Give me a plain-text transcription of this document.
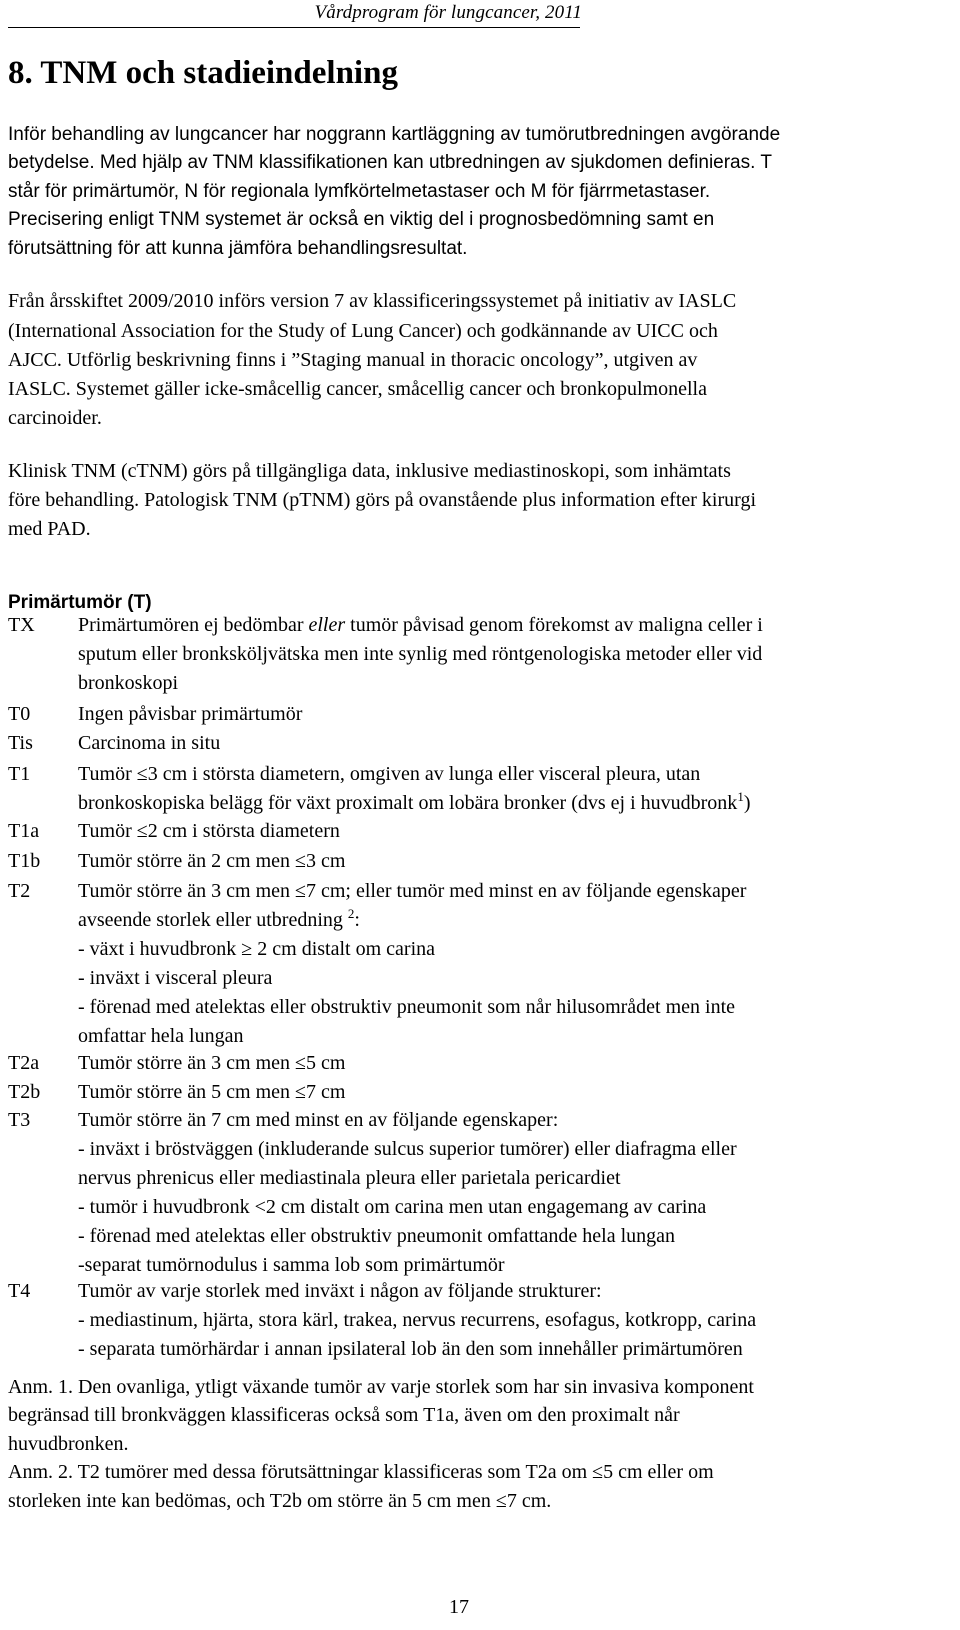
Vårdprogram för lungcancer, 2011
8. TNM och stadieindelning
Inför behandling av lungcancer har noggrann kartläggning av tumörutbredningen avgörande
betydelse. Med hjälp av TNM klassifikationen kan utbredningen av sjukdomen definieras. T
står för primärtumör, N för regionala lymfkörtelmetastaser och M för fjärrmetastaser.
Precisering enligt TNM systemet är också en viktig del i prognosbedömning samt en
förutsättning för att kunna jämföra behandlingsresultat.
Från årsskiftet 2009/2010 införs version 7 av klassificeringssystemet på initiativ av IASLC
(International Association for the Study of Lung Cancer) och godkännande av UICC och
AJCC. Utförlig beskrivning finns i ”Staging manual in thoracic oncology”, utgiven av
IASLC. Systemet gäller icke-småcellig cancer, småcellig cancer och bronkopulmonella
carcinoider.
Klinisk TNM (cTNM) görs på tillgängliga data, inklusive mediastinoskopi, som inhämtats
före behandling. Patologisk TNM (pTNM) görs på ovanstående plus information efter kirurgi
med PAD.
Primärtumör (T)
TX Primärtumören ej bedömbar eller tumör påvisad genom förekomst av maligna celler i
sputum eller bronksköljvätska men inte synlig med röntgenologiska metoder eller vid
bronkoskopi
T0 Ingen påvisbar primärtumör
Tis Carcinoma in situ
T1 Tumör ≤3 cm i största diametern, omgiven av lunga eller visceral pleura, utan
bronkoskopiska belägg för växt proximalt om lobära bronker (dvs ej i huvudbronk$^1$)
T1a Tumör ≤2 cm i största diametern
T1b Tumör större än 2 cm men ≤3 cm
T2 Tumör större än 3 cm men ≤7 cm; eller tumör med minst en av följande egenskaper
avseende storlek eller utbredning $^2$:
- växt i huvudbronk ≥ 2 cm distalt om carina
- inväxt i visceral pleura
- förenad med atelektas eller obstruktiv pneumonit som når hilusområdet men inte
omfattar hela lungan
T2a Tumör större än 3 cm men ≤5 cm
T2b Tumör större än 5 cm men ≤7 cm
T3 Tumör större än 7 cm med minst en av följande egenskaper:
- inväxt i bröstväggen (inkluderande sulcus superior tumörer) eller diafragma eller
nervus phrenicus eller mediastinala pleura eller parietala pericardiet
- tumör i huvudbronk <2 cm distalt om carina men utan engagemang av carina
- förenad med atelektas eller obstruktiv pneumonit omfattande hela lungan
-separat tumörnodulus i samma lob som primärtumör
T4 Tumör av varje storlek med inväxt i någon av följande strukturer:
- mediastinum, hjärta, stora kärl, trakea, nervus recurrens, esofagus, kotkropp, carina
- separata tumörhärdar i annan ipsilateral lob än den som innehåller primärtumören
Anm. 1. Den ovanliga, ytligt växande tumör av varje storlek som har sin invasiva komponent
begränsad till bronkväggen klassificeras också som T1a, även om den proximalt når
huvudbronken.
Anm. 2. T2 tumörer med dessa förutsättningar klassificeras som T2a om ≤5 cm eller om
storleken inte kan bedömas, och T2b om större än 5 cm men ≤7 cm.
17
